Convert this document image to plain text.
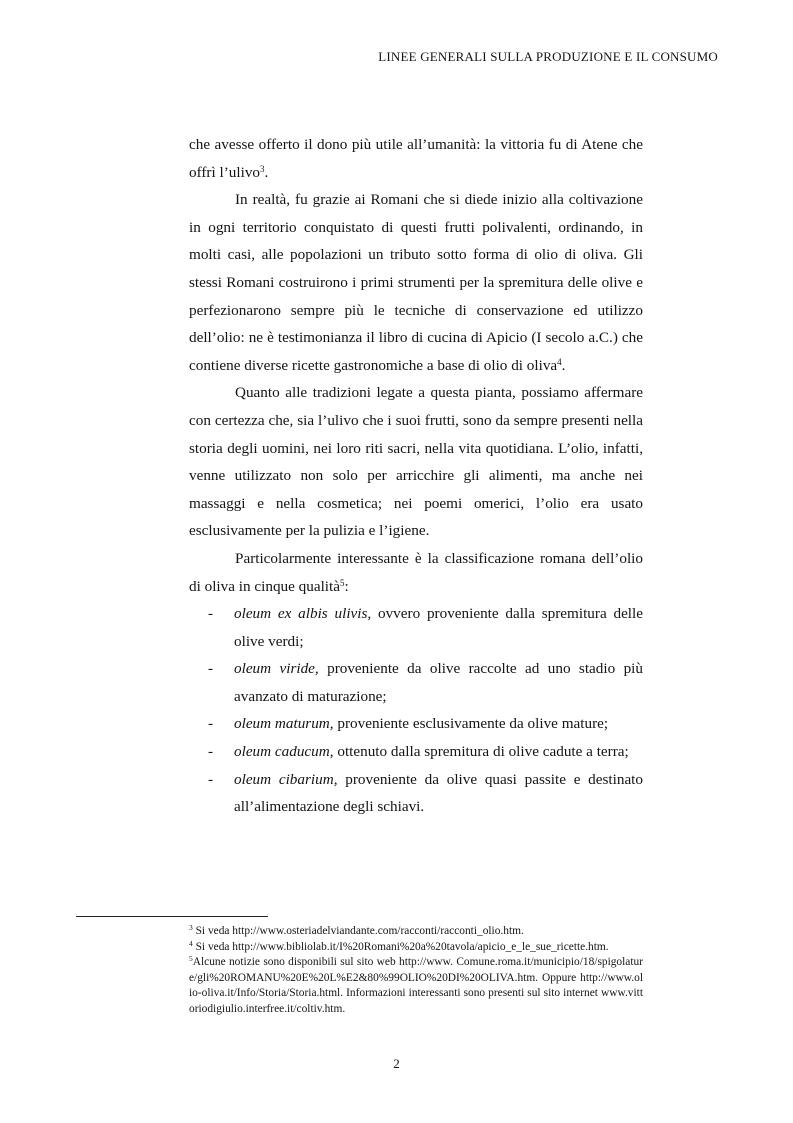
LINEE GENERALI SULLA PRODUZIONE E IL CONSUMO

che avesse offerto il dono più utile all’umanità: la vittoria fu di Atene che offrì l’ulivo$^3$.

In realtà, fu grazie ai Romani che si diede inizio alla coltivazione in ogni territorio conquistato di questi frutti polivalenti, ordinando, in molti casi, alle popolazioni un tributo sotto forma di olio di oliva. Gli stessi Romani costruirono i primi strumenti per la spremitura delle olive e perfezionarono sempre più le tecniche di conservazione ed utilizzo dell’olio: ne è testimonianza il libro di cucina di Apicio (I secolo a.C.) che contiene diverse ricette gastronomiche a base di olio di oliva$^4$.

Quanto alle tradizioni legate a questa pianta, possiamo affermare con certezza che, sia l’ulivo che i suoi frutti, sono da sempre presenti nella storia degli uomini, nei loro riti sacri, nella vita quotidiana. L’olio, infatti, venne utilizzato non solo per arricchire gli alimenti, ma anche nei massaggi e nella cosmetica; nei poemi omerici, l’olio era usato esclusivamente per la pulizia e l’igiene.

Particolarmente interessante è la classificazione romana dell’olio di oliva in cinque qualità$^5$:

- oleum ex albis ulivis, ovvero proveniente dalla spremitura delle olive verdi;
- oleum viride, proveniente da olive raccolte ad uno stadio più avanzato di maturazione;
- oleum maturum, proveniente esclusivamente da olive mature;
- oleum caducum, ottenuto dalla spremitura di olive cadute a terra;
- oleum cibarium, proveniente da olive quasi passite e destinato all’alimentazione degli schiavi.

$^3$ Si veda http://www.osteriadelviandante.com/racconti/racconti_olio.htm.

$^4$ Si veda http://www.bibliolab.it/I%20Romani%20a%20tavola/apicio_e_le_sue_ricette.htm.

$^5$Alcune notizie sono disponibili sul sito web http://www. Comune.roma.it/municipio/18/spigolature/gli%20ROMANU%20E%20L%E2&80%99OLIO%20DI%20OLIVA.htm. Oppure http://www.olio-oliva.it/Info/Storia/Storia.html. Informazioni interessanti sono presenti sul sito internet www.vittoriodigiulio.interfree.it/coltiv.htm.

2
